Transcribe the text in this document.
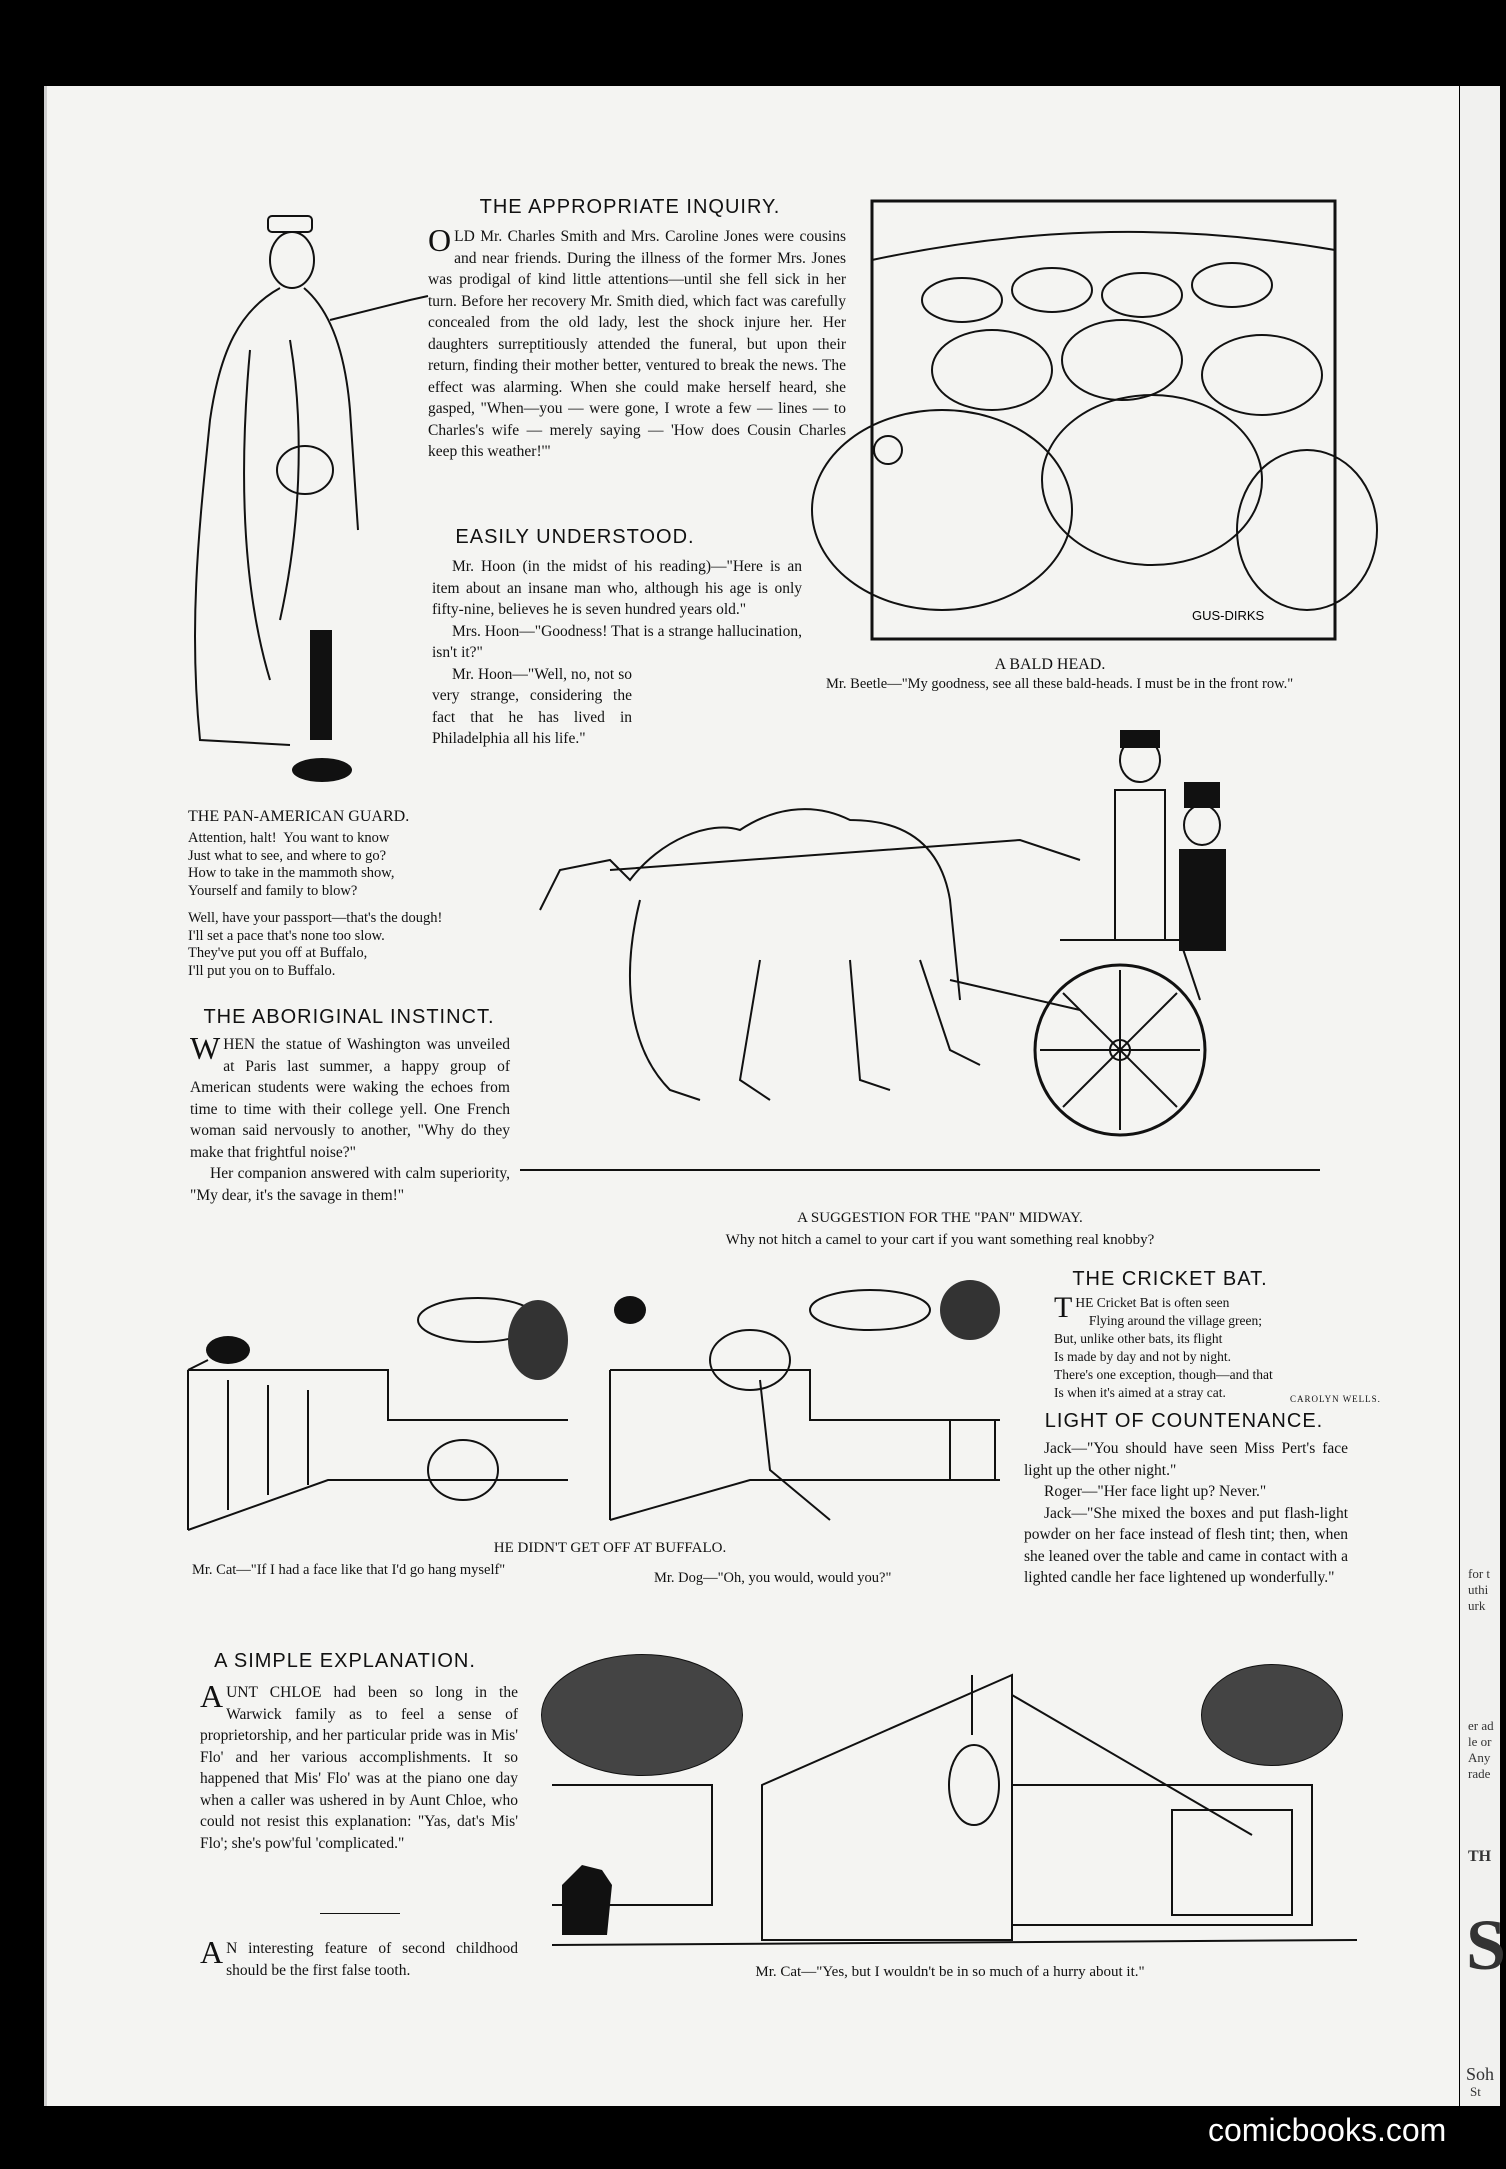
for t
uthi
urk
er ad
le or
Any
rade
TH
S
Soh
St
GUS-DIRKS
THE APPROPRIATE INQUIRY.
O LD Mr. Charles Smith and Mrs. Caroline Jones were cousins and near friends. During the illness of the former Mrs. Jones was prodigal of kind little attentions—until she fell sick in her turn. Before her recovery Mr. Smith died, which fact was carefully concealed from the old lady, lest the shock injure her. Her daughters surreptitiously attended the funeral, but upon their return, finding their mother better, ventured to break the news. The effect was alarming. When she could make herself heard, she gasped, "When—you — were gone, I wrote a few — lines — to Charles's wife — merely saying — 'How does Cousin Charles keep this weather!'"
EASILY UNDERSTOOD.

Mr. Hoon (in the midst of his reading)—"Here is an item about an insane man who, although his age is only fifty-nine, believes he is seven hundred years old."

Mrs. Hoon—"Goodness! That is a strange hallucination, isn't it?"

Mr. Hoon—"Well, no, not so very strange, considering the fact that he has lived in Philadelphia all his life."

A BALD HEAD.
Mr. Beetle—"My goodness, see all these bald-heads. I must be in the front row."
THE PAN-AMERICAN GUARD.
Attention, halt!  You want to know
Just what to see, and where to go?
How to take in the mammoth show,
Yourself and family to blow?
Well, have your passport—that's the dough!
I'll set a pace that's none too slow.
They've put you off at Buffalo,
I'll put you on to Buffalo.
THE ABORIGINAL INSTINCT.

WHEN the statue of Washington was unveiled at Paris last summer, a happy group of American students were waking the echoes from time to time with their college yell. One French woman said nervously to another, "Why do they make that frightful noise?"

Her companion answered with calm superiority, "My dear, it's the savage in them!"

A SUGGESTION FOR THE "PAN" MIDWAY.
Why not hitch a camel to your cart if you want something real knobby?
THE CRICKET BAT.
T HE Cricket Bat is often seen
Flying around the village green;
But, unlike other bats, its flight
Is made by day and not by night.
There's one exception, though—and that
Is when it's aimed at a stray cat.	CAROLYN WELLS.
LIGHT OF COUNTENANCE.

Jack—"You should have seen Miss Pert's face light up the other night."

Roger—"Her face light up? Never."

Jack—"She mixed the boxes and put flash-light powder on her face instead of flesh tint; then, when she leaned over the table and came in contact with a lighted candle her face lightened up wonderfully."

HE DIDN'T GET OFF AT BUFFALO.
Mr. Cat—"If I had a face like that I'd go hang myself"	Mr. Dog—"Oh, you would, would you?"
Mr. Cat—"Yes, but I wouldn't be in so much of a hurry about it."
A SIMPLE EXPLANATION.
A UNT CHLOE had been so long in the Warwick family as to feel a sense of proprietorship, and her particular pride was in Mis' Flo' and her various accomplishments. It so happened that Mis' Flo' was at the piano one day when a caller was ushered in by Aunt Chloe, who could not resist this explanation: "Yas, dat's Mis' Flo'; she's pow'ful 'complicated."
A N interesting feature of second childhood should be the first false tooth.
comicbooks.com
